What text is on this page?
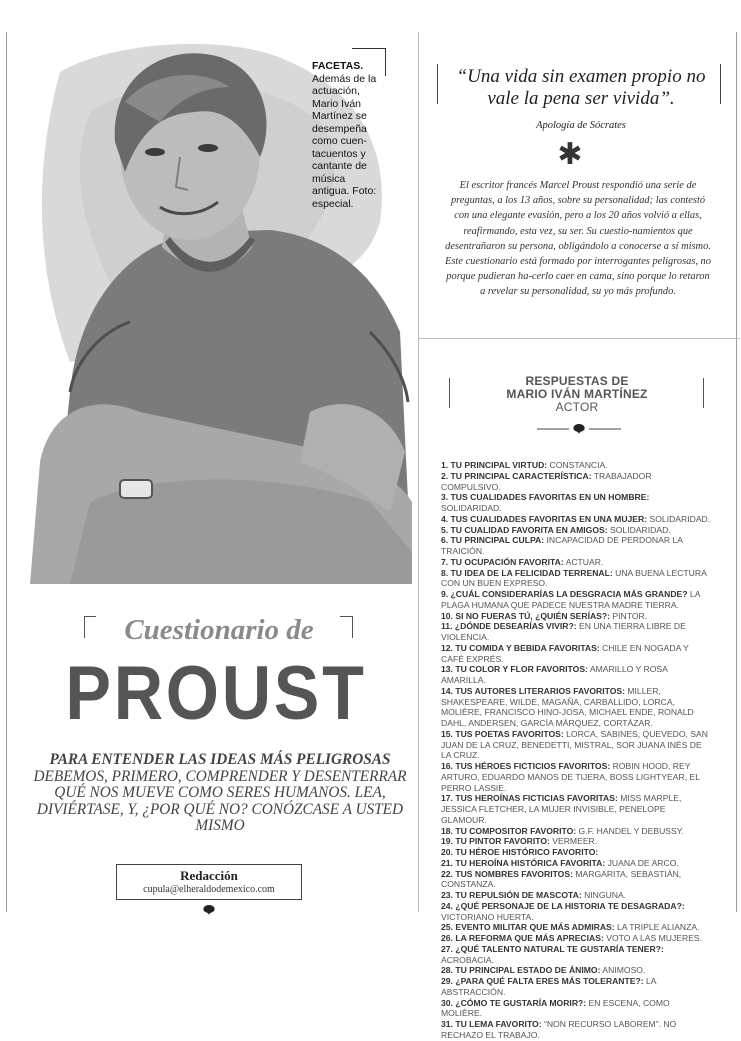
FACETAS.
Además de la actuación, Mario Iván Martínez se desempeña como cuen-tacuentos y cantante de música antigua. Foto: especial.
“Una vida sin examen propio no vale la pena ser vivida”.
Apología de Sócrates
✱
El escritor francés Marcel Proust respondió una serie de preguntas, a los 13 años, sobre su personalidad; las contestó con una elegante evasión, pero a los 20 años volvió a ellas, reafirmando, esta vez, su ser. Su cuestio-namientos que desentrañaron su persona, obligándolo a conocerse a sí mismo. Este cuestionario está formado por interrogantes peligrosas, no porque pudieran ha-cerlo caer en cama, sino porque lo retaron a revelar su personalidad, su yo más profundo.
RESPUESTAS DE
MARIO IVÁN MARTÍNEZ
ACTOR
1. TU PRINCIPAL VIRTUD: CONSTANCIA.
2. TU PRINCIPAL CARACTERÍSTICA: TRABAJADOR COMPULSIVO.
3. TUS CUALIDADES FAVORITAS EN UN HOMBRE: SOLIDARIDAD.
4. TUS CUALIDADES FAVORITAS EN UNA MUJER: SOLIDARIDAD.
5. TU CUALIDAD FAVORITA EN AMIGOS: SOLIDARIDAD.
6. TU PRINCIPAL CULPA: INCAPACIDAD DE PERDONAR LA TRAICIÓN.
7. TU OCUPACIÓN FAVORITA: ACTUAR.
8. TU IDEA DE LA FELICIDAD TERRENAL: UNA BUENA LECTURA CON UN BUEN EXPRESO.
9. ¿CUÁL CONSIDERARÍAS LA DESGRACIA MÁS GRANDE? LA PLAGA HUMANA QUE PADECE NUESTRA MADRE TIERRA.
10. SI NO FUERAS TÚ, ¿QUIÉN SERÍAS?: PINTOR.
11. ¿DÓNDE DESEARÍAS VIVIR?: EN UNA TIERRA LIBRE DE VIOLENCIA.
12. TU COMIDA Y BEBIDA FAVORITAS: CHILE EN NOGADA Y CAFÉ EXPRÉS.
13. TU COLOR Y FLOR FAVORITOS: AMARILLO Y ROSA AMARILLA.
14. TUS AUTORES LITERARIOS FAVORITOS: MILLER, SHAKESPEARE, WILDE, MAGAÑA, CARBALLIDO, LORCA, MOLIÈRE, FRANCISCO HINO-JOSA, MICHAEL ENDE, RONALD DAHL, ANDERSEN, GARCÍA MÁRQUEZ, CORTÁZAR.
15. TUS POETAS FAVORITOS: LORCA, SABINES, QUEVEDO, SAN JUAN DE LA CRUZ, BENEDETTI, MISTRAL, SOR JUANA INÉS DE LA CRUZ.
16. TUS HÉROES FICTICIOS FAVORITOS: ROBIN HOOD, REY ARTURO, EDUARDO MANOS DE TIJERA, BOSS LIGHTYEAR, EL PERRO LASSIE.
17. TUS HEROÍNAS FICTICIAS FAVORITAS: MISS MARPLE, JESSICA FLETCHER, LA MUJER INVISIBLE, PENELOPE GLAMOUR.
18. TU COMPOSITOR FAVORITO: G.F. HANDEL Y DEBUSSY.
19. TU PINTOR FAVORITO: VERMEER.
20. TU HÉROE HISTÓRICO FAVORITO:
21. TU HEROÍNA HISTÓRICA FAVORITA: JUANA DE ARCO.
22. TUS NOMBRES FAVORITOS: MARGARITA, SEBASTIÁN, CONSTANZA.
23. TU REPULSIÓN DE MASCOTA: NINGUNA.
24. ¿QUÉ PERSONAJE DE LA HISTORIA TE DESAGRADA?: VICTORIANO HUERTA.
25. EVENTO MILITAR QUE MÁS ADMIRAS: LA TRIPLE ALIANZA.
26. LA REFORMA QUE MÁS APRECIAS: VOTO A LAS MUJERES.
27. ¿QUÉ TALENTO NATURAL TE GUSTARÍA TENER?: ACROBACIA.
28. TU PRINCIPAL ESTADO DE ÁNIMO: ANIMOSO.
29. ¿PARA QUÉ FALTA ERES MÁS TOLERANTE?: LA ABSTRACCIÓN.
30. ¿CÓMO TE GUSTARÍA MORIR?: EN ESCENA, COMO MOLIÈRE.
31. TU LEMA FAVORITO: “NON RECURSO LABOREM”. NO RECHAZO EL TRABAJO.
Cuestionario de
PROUST
PARA ENTENDER LAS IDEAS MÁS PELIGROSAS DEBEMOS, PRIMERO, COMPRENDER Y DESENTERRAR QUÉ NOS MUEVE COMO SERES HUMANOS. LEA, DIVIÉRTASE, Y, ¿POR QUÉ NO? CONÓZCASE A USTED MISMO
Redacción
cupula@elheraldodemexico.com
